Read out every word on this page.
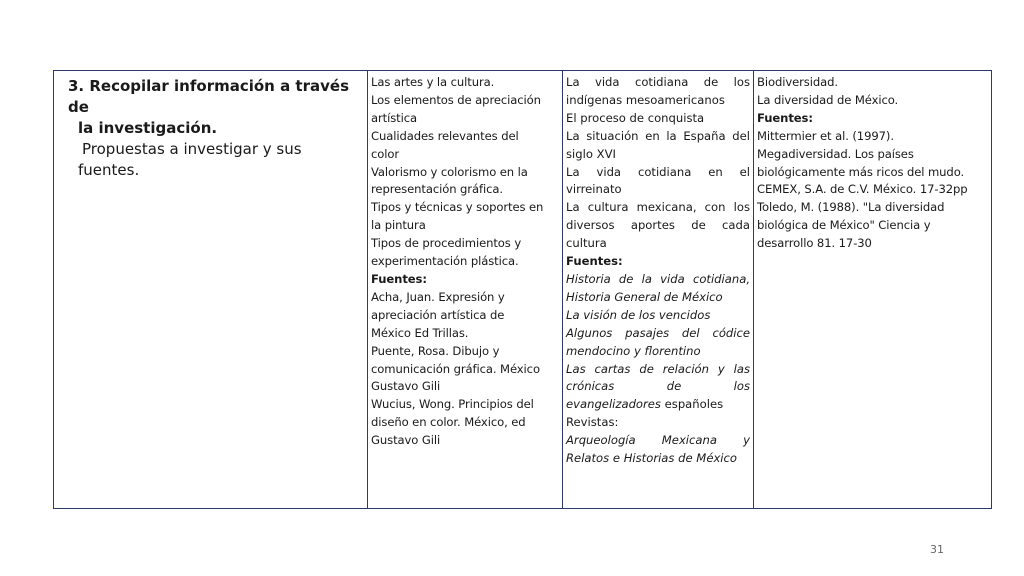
3. Recopilar información a través de
la investigación.

Propuestas a investigar y sus
fuentes.

Las artes y la cultura.

Los elementos de apreciación

artística

Cualidades relevantes del

color

Valorismo y colorismo en la

representación gráfica.

Tipos y técnicas y soportes en

la pintura

Tipos de procedimientos y

experimentación plástica.

Fuentes:

Acha, Juan. Expresión y

apreciación artística de

México Ed Trillas.

Puente, Rosa. Dibujo y

comunicación gráfica. México

Gustavo Gili

Wucius, Wong. Principios del

diseño en color. México, ed

Gustavo Gili

La vida cotidiana de los

indígenas mesoamericanos

El proceso de conquista

La situación en la España del

siglo XVI

La vida cotidiana en el

virreinato

La cultura mexicana, con los

diversos aportes de cada

cultura

Fuentes:

Historia de la vida cotidiana,

Historia General de México

La visión de los vencidos

Algunos pasajes del códice

mendocino y florentino

Las cartas de relación y las

crónicas de los

evangelizadores españoles

Revistas:

Arqueología Mexicana y

Relatos e Historias de México

Biodiversidad.

La diversidad de México.

Fuentes:

Mittermier et al. (1997).

Megadiversidad. Los países

biológicamente más ricos del mudo.

CEMEX, S.A. de C.V. México. 17-32pp

Toledo, M. (1988). "La diversidad

biológica de México" Ciencia y

desarrollo 81. 17-30

31
